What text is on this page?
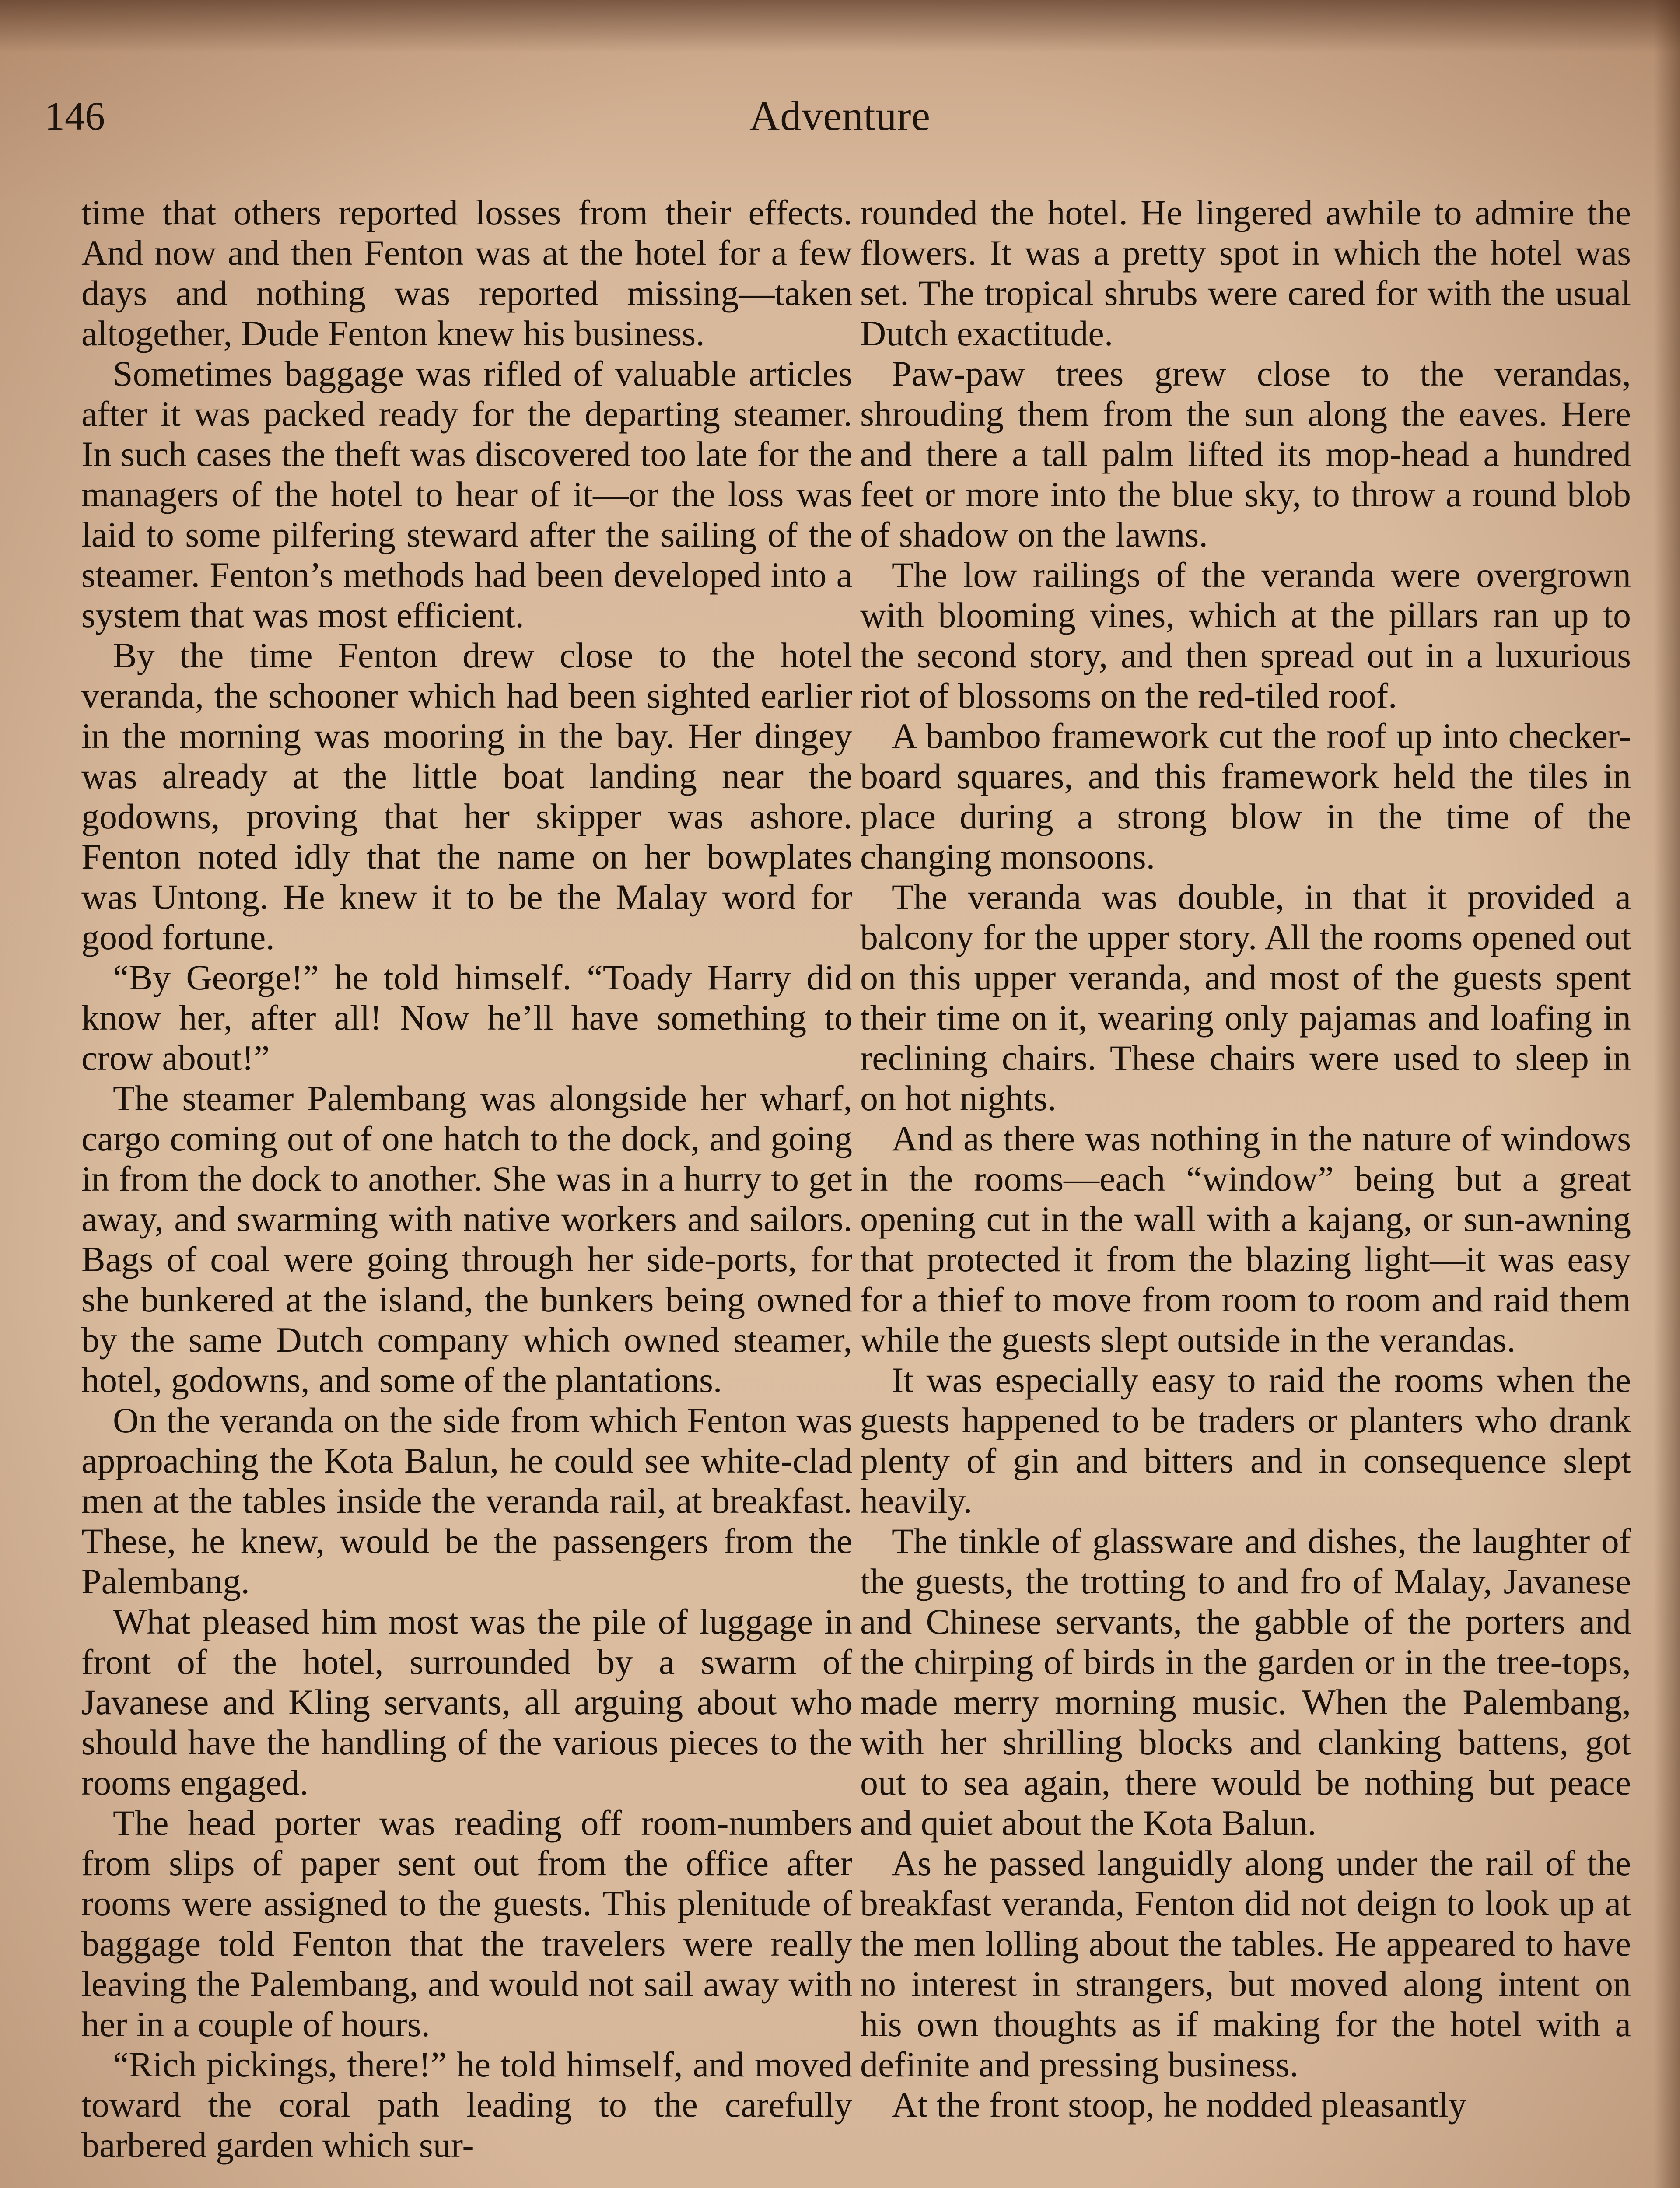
146	Adventure

time that others reported losses from their effects. And now and then Fenton was at the hotel for a few days and nothing was reported missing—taken altogether, Dude Fenton knew his business.

Sometimes baggage was rifled of valuable articles after it was packed ready for the departing steamer. In such cases the theft was discovered too late for the managers of the hotel to hear of it—or the loss was laid to some pilfering steward after the sailing of the steamer. Fenton’s methods had been developed into a system that was most efficient.

By the time Fenton drew close to the hotel veranda, the schooner which had been sighted earlier in the morning was mooring in the bay. Her dingey was already at the little boat landing near the godowns, proving that her skipper was ashore. Fenton noted idly that the name on her bowplates was Untong. He knew it to be the Malay word for good fortune.

“By George!” he told himself. “Toady Harry did know her, after all! Now he’ll have something to crow about!”

The steamer Palembang was alongside her wharf, cargo coming out of one hatch to the dock, and going in from the dock to another. She was in a hurry to get away, and swarming with native workers and sailors. Bags of coal were going through her side-ports, for she bunkered at the island, the bunkers being owned by the same Dutch company which owned steamer, hotel, godowns, and some of the plantations.

On the veranda on the side from which Fenton was approaching the Kota Balun, he could see white-clad men at the tables inside the veranda rail, at breakfast. These, he knew, would be the passengers from the Palembang.

What pleased him most was the pile of luggage in front of the hotel, surrounded by a swarm of Javanese and Kling servants, all arguing about who should have the handling of the various pieces to the rooms engaged.

The head porter was reading off room-numbers from slips of paper sent out from the office after rooms were assigned to the guests. This plenitude of baggage told Fenton that the travelers were really leaving the Palembang, and would not sail away with her in a couple of hours.

“Rich pickings, there!” he told himself, and moved toward the coral path leading to the carefully barbered garden which sur-

rounded the hotel. He lingered awhile to admire the flowers. It was a pretty spot in which the hotel was set. The tropical shrubs were cared for with the usual Dutch exactitude.

Paw-paw trees grew close to the verandas, shrouding them from the sun along the eaves. Here and there a tall palm lifted its mop-head a hundred feet or more into the blue sky, to throw a round blob of shadow on the lawns.

The low railings of the veranda were overgrown with blooming vines, which at the pillars ran up to the second story, and then spread out in a luxurious riot of blossoms on the red-tiled roof.

A bamboo framework cut the roof up into checker-board squares, and this framework held the tiles in place during a strong blow in the time of the changing monsoons.

The veranda was double, in that it provided a balcony for the upper story. All the rooms opened out on this upper veranda, and most of the guests spent their time on it, wearing only pajamas and loafing in reclining chairs. These chairs were used to sleep in on hot nights.

And as there was nothing in the nature of windows in the rooms—each “window” being but a great opening cut in the wall with a kajang, or sun-awning that protected it from the blazing light—it was easy for a thief to move from room to room and raid them while the guests slept outside in the verandas.

It was especially easy to raid the rooms when the guests happened to be traders or planters who drank plenty of gin and bitters and in consequence slept heavily.

The tinkle of glassware and dishes, the laughter of the guests, the trotting to and fro of Malay, Javanese and Chinese servants, the gabble of the porters and the chirping of birds in the garden or in the tree-tops, made merry morning music. When the Palembang, with her shrilling blocks and clanking battens, got out to sea again, there would be nothing but peace and quiet about the Kota Balun.

As he passed languidly along under the rail of the breakfast veranda, Fenton did not deign to look up at the men lolling about the tables. He appeared to have no interest in strangers, but moved along intent on his own thoughts as if making for the hotel with a definite and pressing business.

At the front stoop, he nodded pleasantly
